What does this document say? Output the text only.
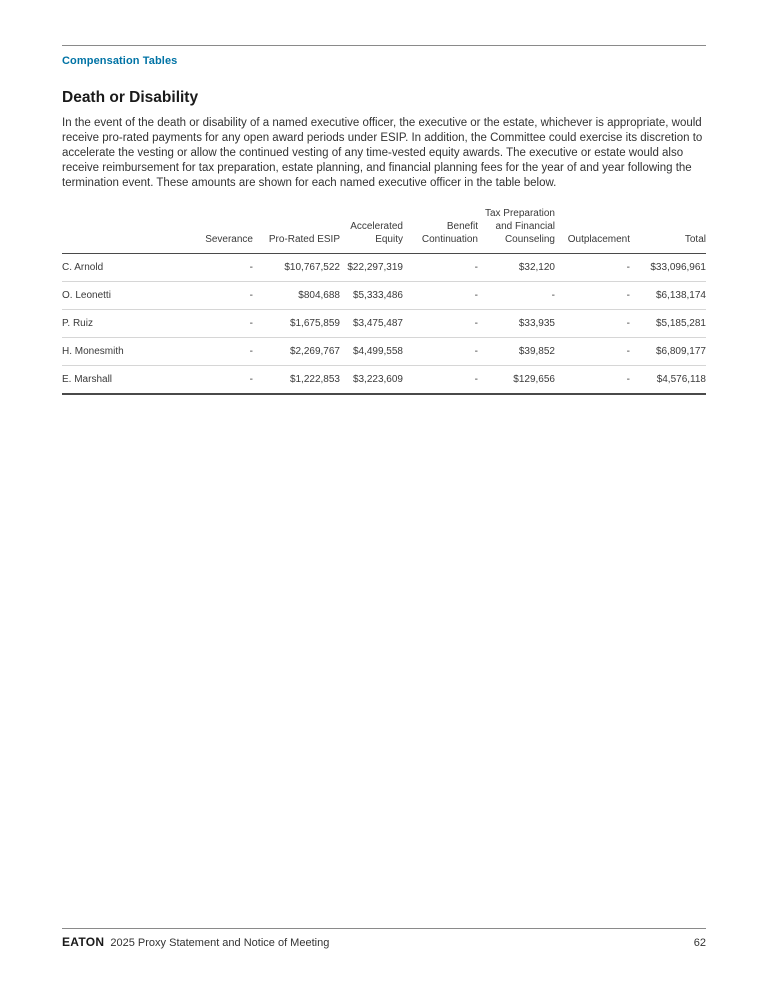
Compensation Tables
Death or Disability

In the event of the death or disability of a named executive officer, the executive or the estate, whichever is appropriate, would receive pro-rated payments for any open award periods under ESIP. In addition, the Committee could exercise its discretion to accelerate the vesting or allow the continued vesting of any time-vested equity awards. The executive or estate would also receive reimbursement for tax preparation, estate planning, and financial planning fees for the year of and year following the termination event. These amounts are shown for each named executive officer in the table below.

	Severance	Pro-Rated ESIP	Accelerated Equity	Benefit Continuation	Tax Preparation and Financial Counseling	Outplacement	Total
C. Arnold	-	$10,767,522	$22,297,319	-	$32,120	-	$33,096,961
O. Leonetti	-	$804,688	$5,333,486	-	-	-	$6,138,174
P. Ruiz	-	$1,675,859	$3,475,487	-	$33,935	-	$5,185,281
H. Monesmith	-	$2,269,767	$4,499,558	-	$39,852	-	$6,809,177
E. Marshall	-	$1,222,853	$3,223,609	-	$129,656	-	$4,576,118
EATON 2025 Proxy Statement and Notice of Meeting	62
